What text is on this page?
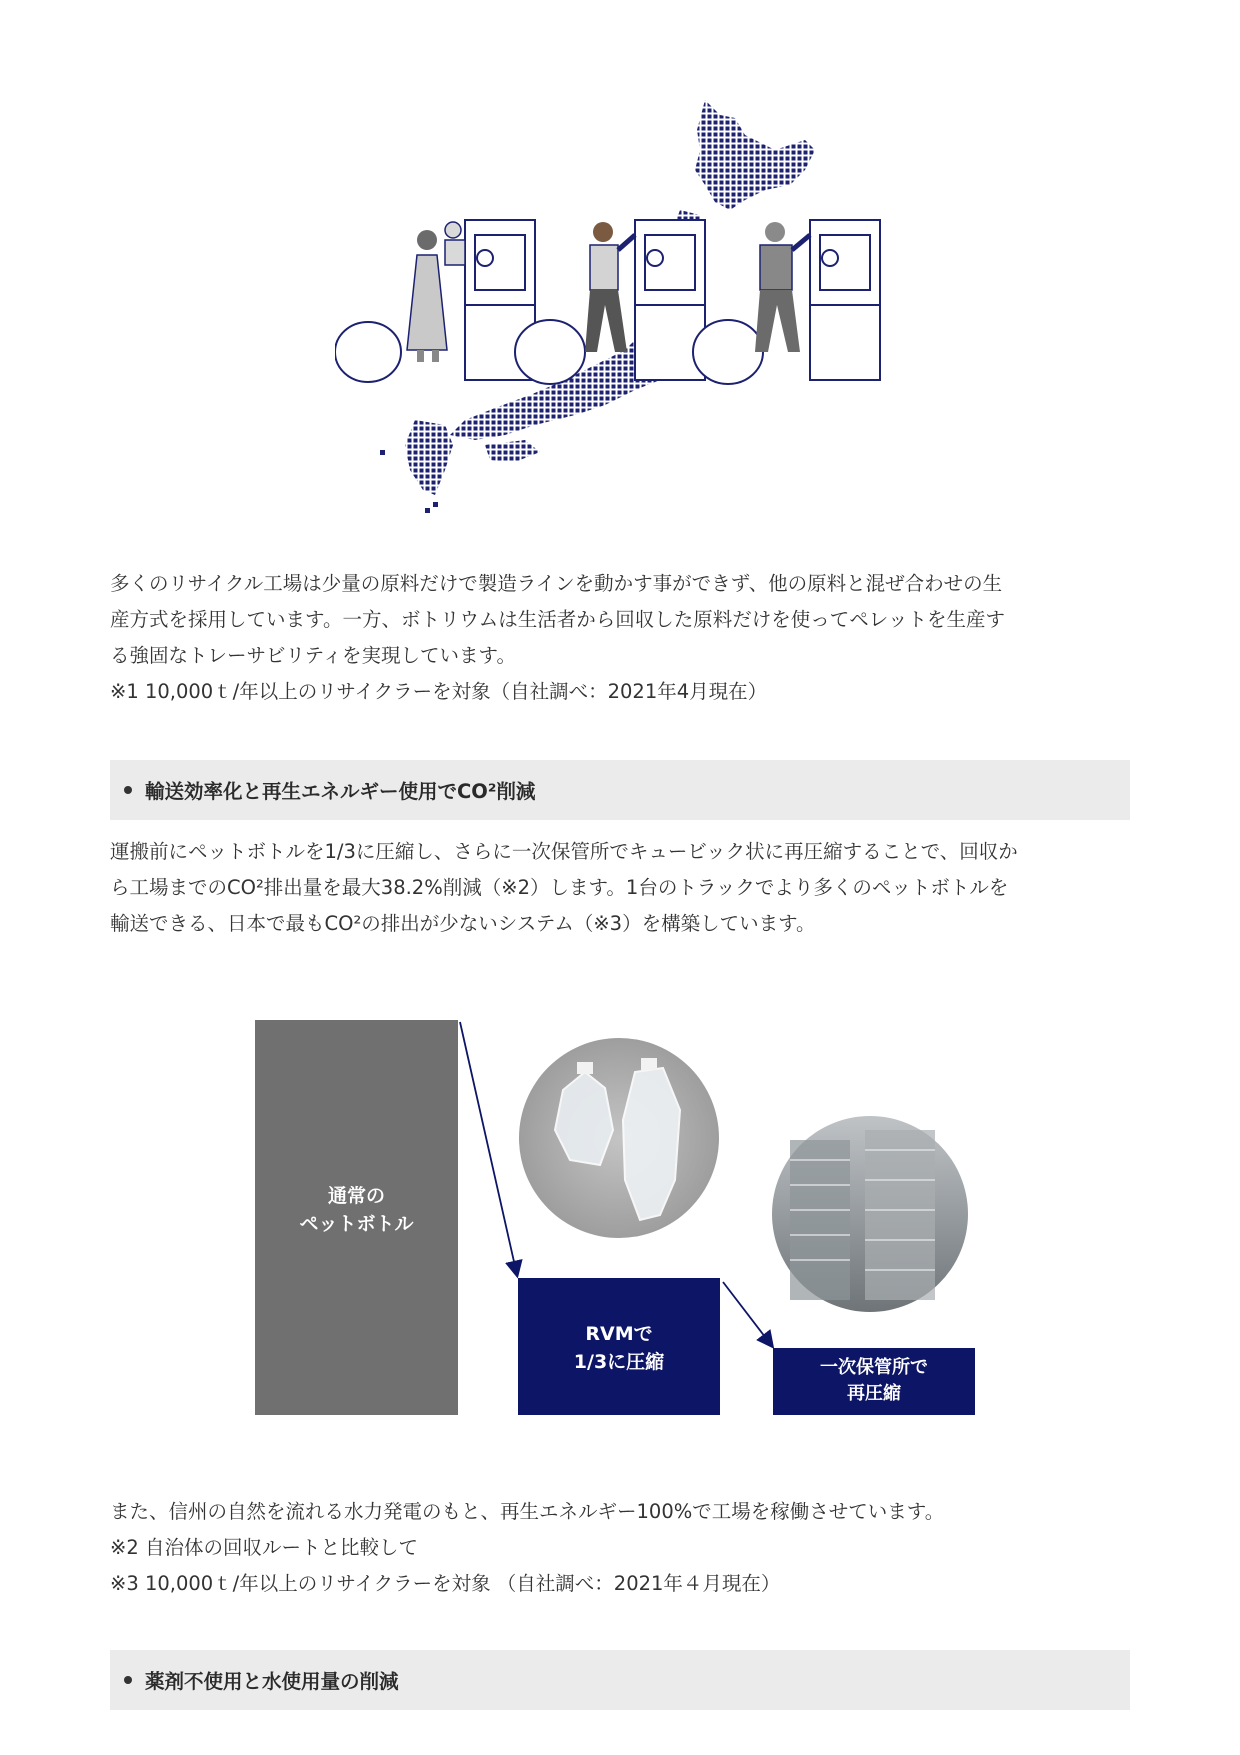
多くのリサイクル工場は少量の原料だけで製造ラインを動かす事ができず、他の原料と混ぜ合わせの生
産方式を採用しています。一方、ボトリウムは生活者から回収した原料だけを使ってペレットを生産す
る強固なトレーサビリティを実現しています。
※1 10,000ｔ/年以上のリサイクラーを対象（自社調べ：2021年4月現在）
輸送効率化と再生エネルギー使用でCO²削減
運搬前にペットボトルを1/3に圧縮し、さらに一次保管所でキュービック状に再圧縮することで、回収か
ら工場までのCO²排出量を最大38.2%削減（※2）します。1台のトラックでより多くのペットボトルを
輸送できる、日本で最もCO²の排出が少ないシステム（※3）を構築しています。
通常の
ペットボトル
RVMで
1/3に圧縮	一次保管所で
再圧縮
また、信州の自然を流れる水力発電のもと、再生エネルギー100%で工場を稼働させています。
※2 自治体の回収ルートと比較して
※3 10,000ｔ/年以上のリサイクラーを対象 （自社調べ：2021年４月現在）
薬剤不使用と水使用量の削減
